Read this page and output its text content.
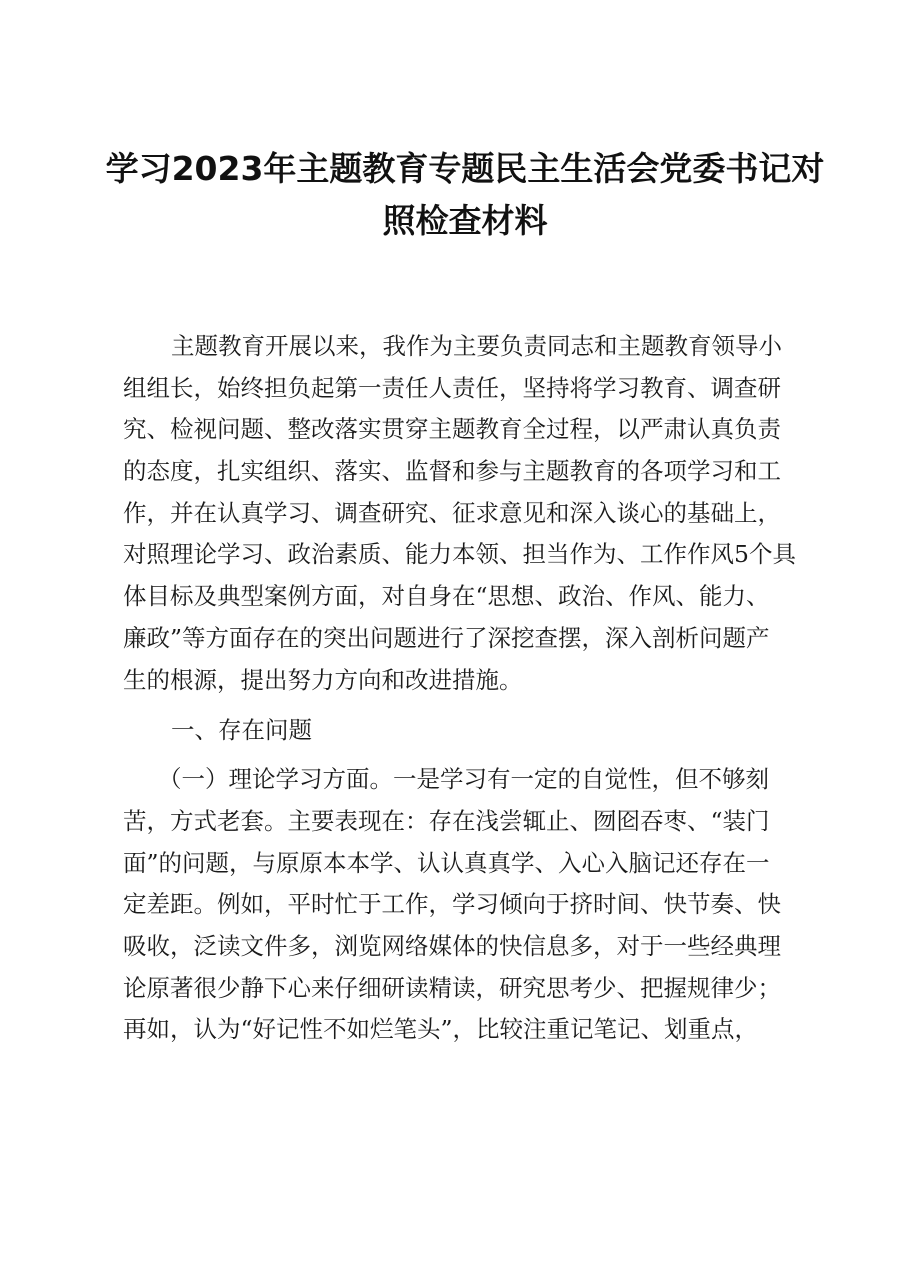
学习2023年主题教育专题民主生活会党委书记对
照检查材料
主题教育开展以来，我作为主要负责同志和主题教育领导小
组组长，始终担负起第一责任人责任，坚持将学习教育、调查研
究、检视问题、整改落实贯穿主题教育全过程，以严肃认真负责
的态度，扎实组织、落实、监督和参与主题教育的各项学习和工
作，并在认真学习、调查研究、征求意见和深入谈心的基础上，
对照理论学习、政治素质、能力本领、担当作为、工作作风5个具
体目标及典型案例方面，对自身在“思想、政治、作风、能力、
廉政”等方面存在的突出问题进行了深挖查摆，深入剖析问题产
生的根源，提出努力方向和改进措施。
一、存在问题
（一）理论学习方面。一是学习有一定的自觉性，但不够刻
苦，方式老套。主要表现在：存在浅尝辄止、囫囵吞枣、“装门
面”的问题，与原原本本学、认认真真学、入心入脑记还存在一
定差距。例如，平时忙于工作，学习倾向于挤时间、快节奏、快
吸收，泛读文件多，浏览网络媒体的快信息多，对于一些经典理
论原著很少静下心来仔细研读精读，研究思考少、把握规律少；
再如，认为“好记性不如烂笔头”，比较注重记笔记、划重点，
